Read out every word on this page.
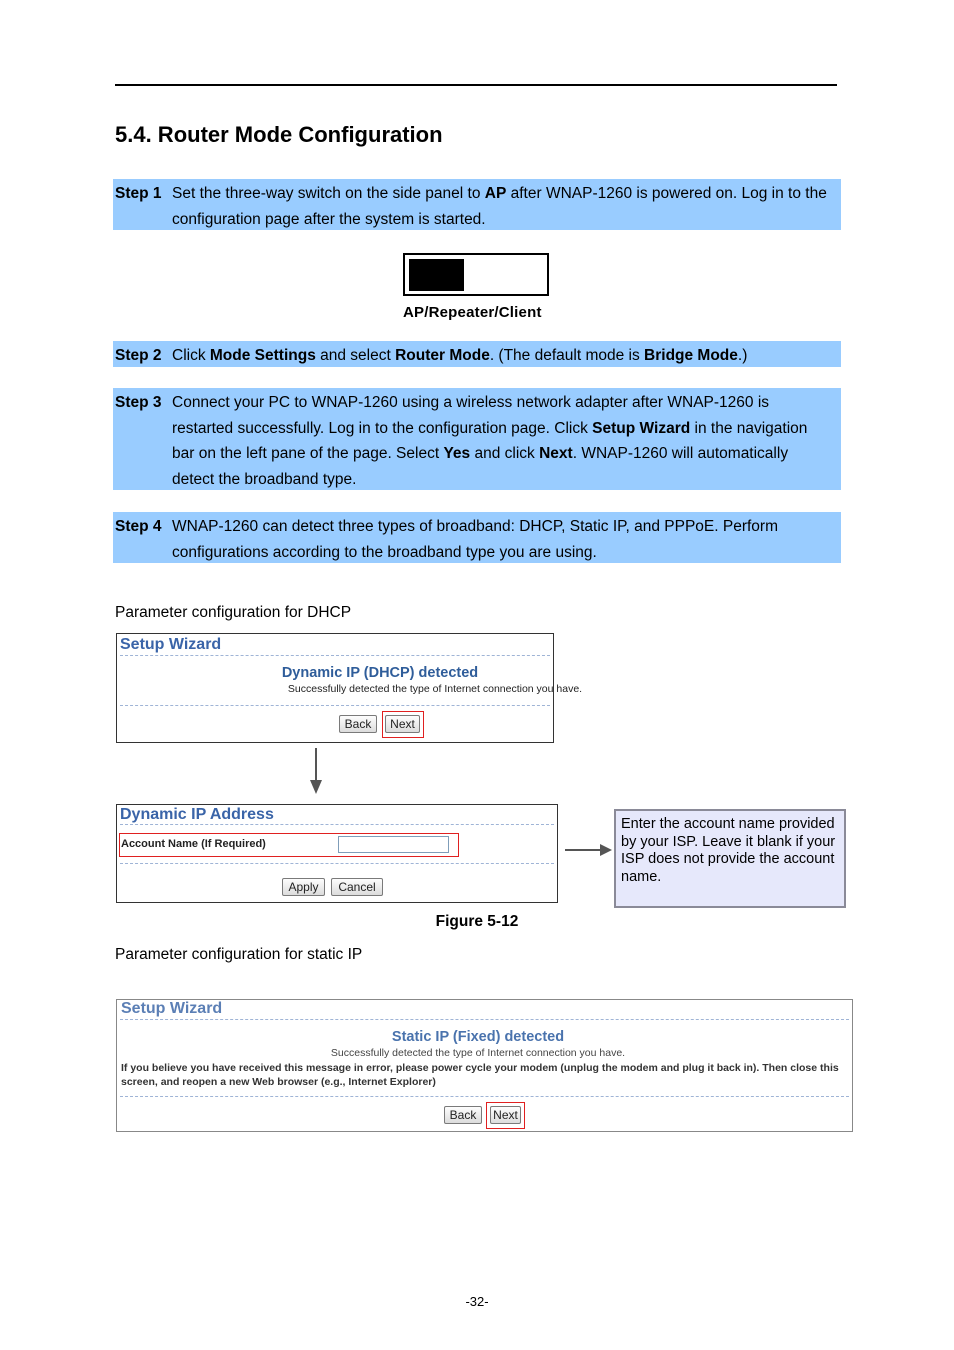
5.4. Router Mode Configuration
Step 1 Set the three-way switch on the side panel to AP after WNAP-1260 is powered on. Log in to the configuration page after the system is started.
AP/Repeater/Client
Step 2 Click Mode Settings and select Router Mode. (The default mode is Bridge Mode.)
Step 3 Connect your PC to WNAP-1260 using a wireless network adapter after WNAP-1260 is restarted successfully. Log in to the configuration page. Click Setup Wizard in the navigation bar on the left pane of the page. Select Yes and click Next. WNAP-1260 will automatically detect the broadband type.
Step 4 WNAP-1260 can detect three types of broadband: DHCP, Static IP, and PPPoE. Perform configurations according to the broadband type you are using.
Parameter configuration for DHCP
Setup Wizard
Dynamic IP (DHCP) detected
Successfully detected the type of Internet connection you have.
Back	Next
Dynamic IP Address
Account Name (If Required)
Apply	Cancel
Enter the account name provided by your ISP. Leave it blank if your ISP does not provide the account name.
Figure 5-12
Parameter configuration for static IP
Setup Wizard
Static IP (Fixed) detected
Successfully detected the type of Internet connection you have.
If you believe you have received this message in error, please power cycle your modem (unplug the modem and plug it back in). Then close this screen, and reopen a new Web browser (e.g., Internet Explorer)
Back	Next
-32-
